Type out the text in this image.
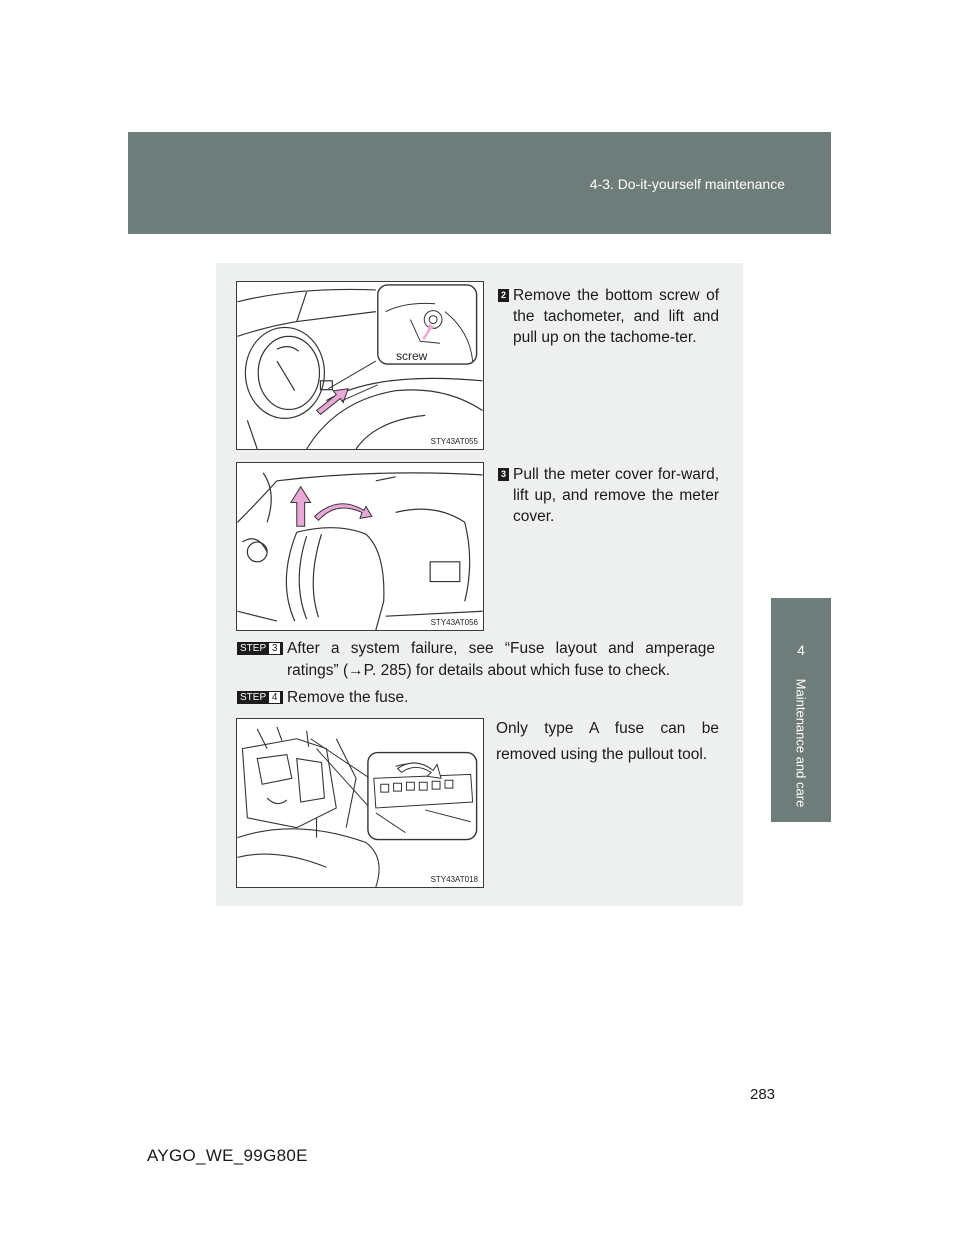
4-3. Do-it-yourself maintenance
4
Maintenance and care
screw
STY43AT055
STY43AT056
STY43AT018
2 Remove the bottom screw of the tachometer, and lift and pull up on the tachome-ter.
3 Pull the meter cover for-ward, lift up, and remove the meter cover.
STEP 3 After a system failure, see “Fuse layout and amperage ratings” (→P. 285) for details about which fuse to check.
STEP 4 Remove the fuse.
Only type A fuse can be removed using the pullout tool.
283
AYGO_WE_99G80E
